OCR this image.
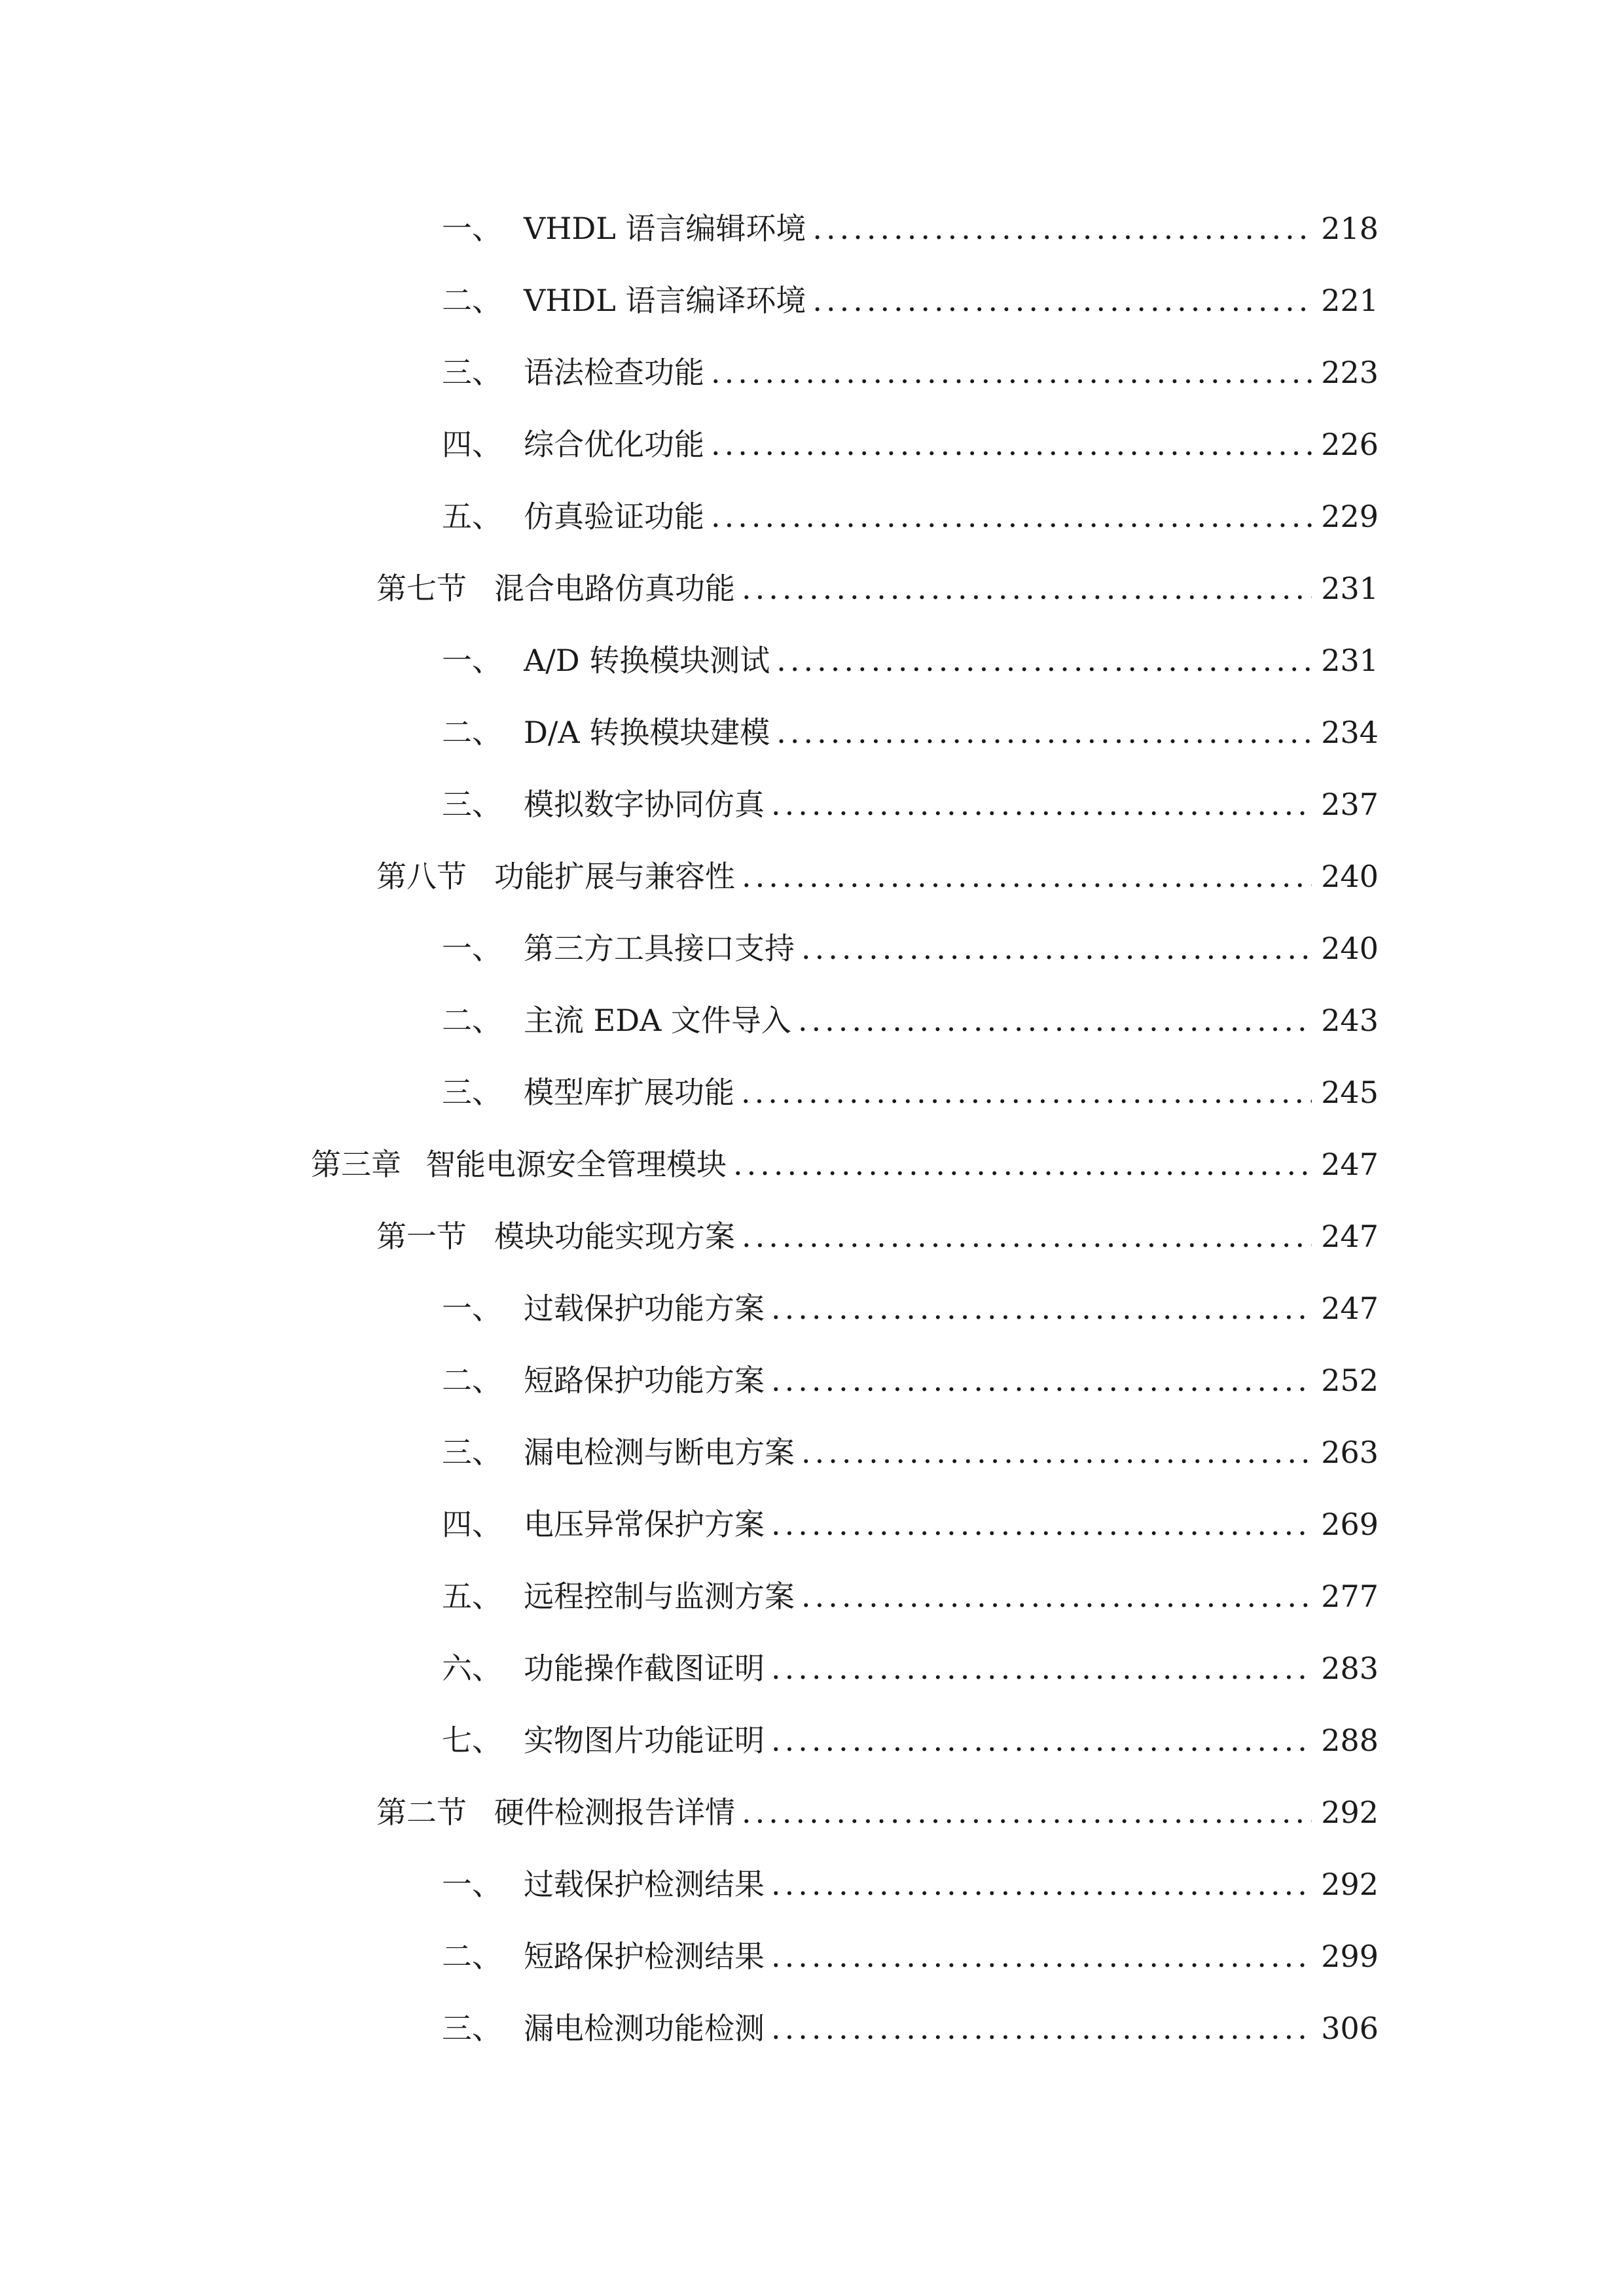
一、 VHDL 语言编辑环境 .....	218
二、 VHDL 语言编译环境 .....	221
三、 语法检查功能 .....	223
四、 综合优化功能 .....	226
五、 仿真验证功能 .....	229
第七节 混合电路仿真功能 .....	231
一、 A/D 转换模块测试 .....	231
二、 D/A 转换模块建模 .....	234
三、 模拟数字协同仿真 .....	237
第八节 功能扩展与兼容性 .....	240
一、 第三方工具接口支持 .....	240
二、 主流 EDA 文件导入 .....	243
三、 模型库扩展功能 .....	245
第三章 智能电源安全管理模块 .....	247
第一节 模块功能实现方案 .....	247
一、 过载保护功能方案 .....	247
二、 短路保护功能方案 .....	252
三、 漏电检测与断电方案 .....	263
四、 电压异常保护方案 .....	269
五、 远程控制与监测方案 .....	277
六、 功能操作截图证明 .....	283
七、 实物图片功能证明 .....	288
第二节 硬件检测报告详情 .....	292
一、 过载保护检测结果 .....	292
二、 短路保护检测结果 .....	299
三、 漏电检测功能检测 .....	306
